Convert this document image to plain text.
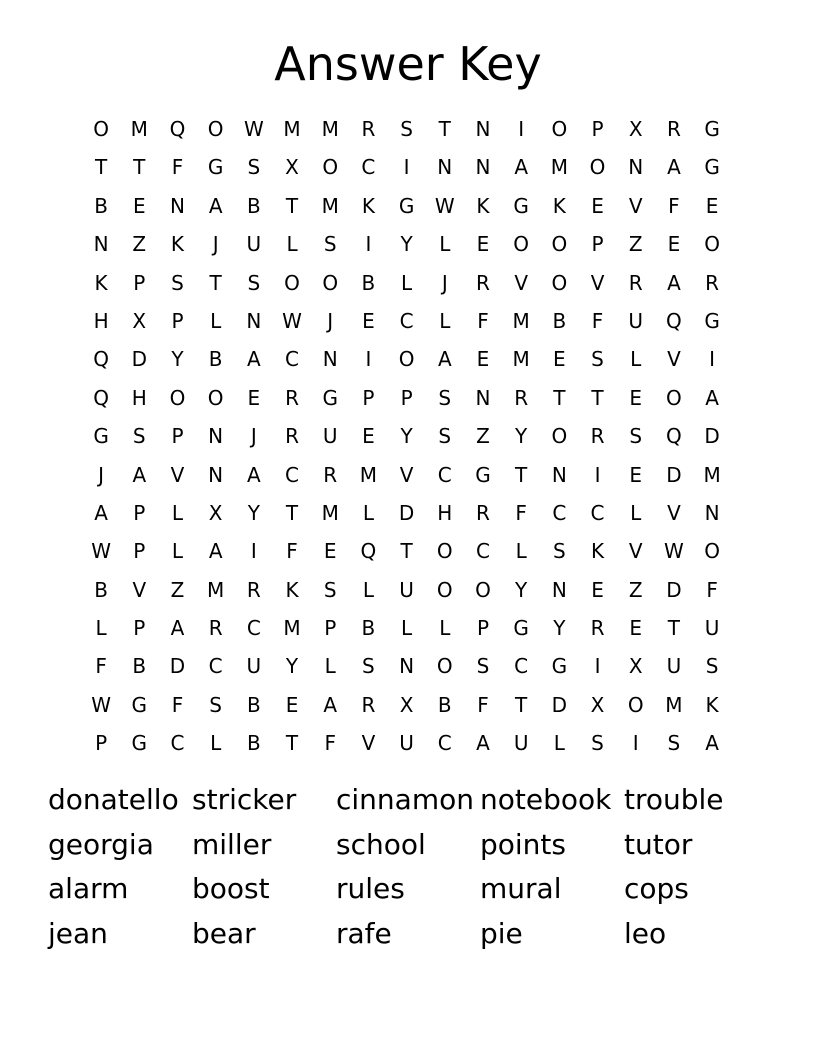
Answer Key
O	M	Q	O	W M	M	R	S	T	N	I	O	P	X	R	G
T	T	F	G	S	X	O	C	I	N	N	A	M	O	N	A	G
B	E	N	A	B	T	M	K	G	W	K	G	K	E	V	F	E
N	Z	K	J	U	L	S	I	Y	L	E	O	O	P	Z	E	O
K	P	S	T	S	O	O	B	L	J	R	V	O	V	R	A	R
H	X	P	L	N	W	J	E	C	L	F	M	B	F	U	Q	G
Q	D	Y	B	A	C	N	I	O	A	E	M	E	S	L	V	I
Q	H	O	O	E	R	G	P	P	S	N	R	T	T	E	O	A
G	S	P	N	J	R	U	E	Y	S	Z	Y	O	R	S	Q	D
J	A	V	N	A	C	R	M	V	C	G	T	N	I	E	D	M
A	P	L	X	Y	T	M	L	D	H	R	F	C	C	L	V	N
W	P	L	A	I	F	E	Q	T	O	C	L	S	K	V	W	O
B	V	Z	M	R	K	S	L	U	O	O	Y	N	E	Z	D	F
L	P	A	R	C	M	P	B	L	L	P	G	Y	R	E	T	U
F	B	D	C	U	Y	L	S	N	O	S	C	G	I	X	U	S
W	G	F	S	B	E	A	R	X	B	F	T	D	X	O	M	K
P	G	C	L	B	T	F	V	U	C	A	U	L	S	I	S	A
donatello stricker	cinnamon notebook trouble
georgia	miller	school	points	tutor
alarm	boost	rules	mural	cops
jean	bear	rafe	pie	leo
